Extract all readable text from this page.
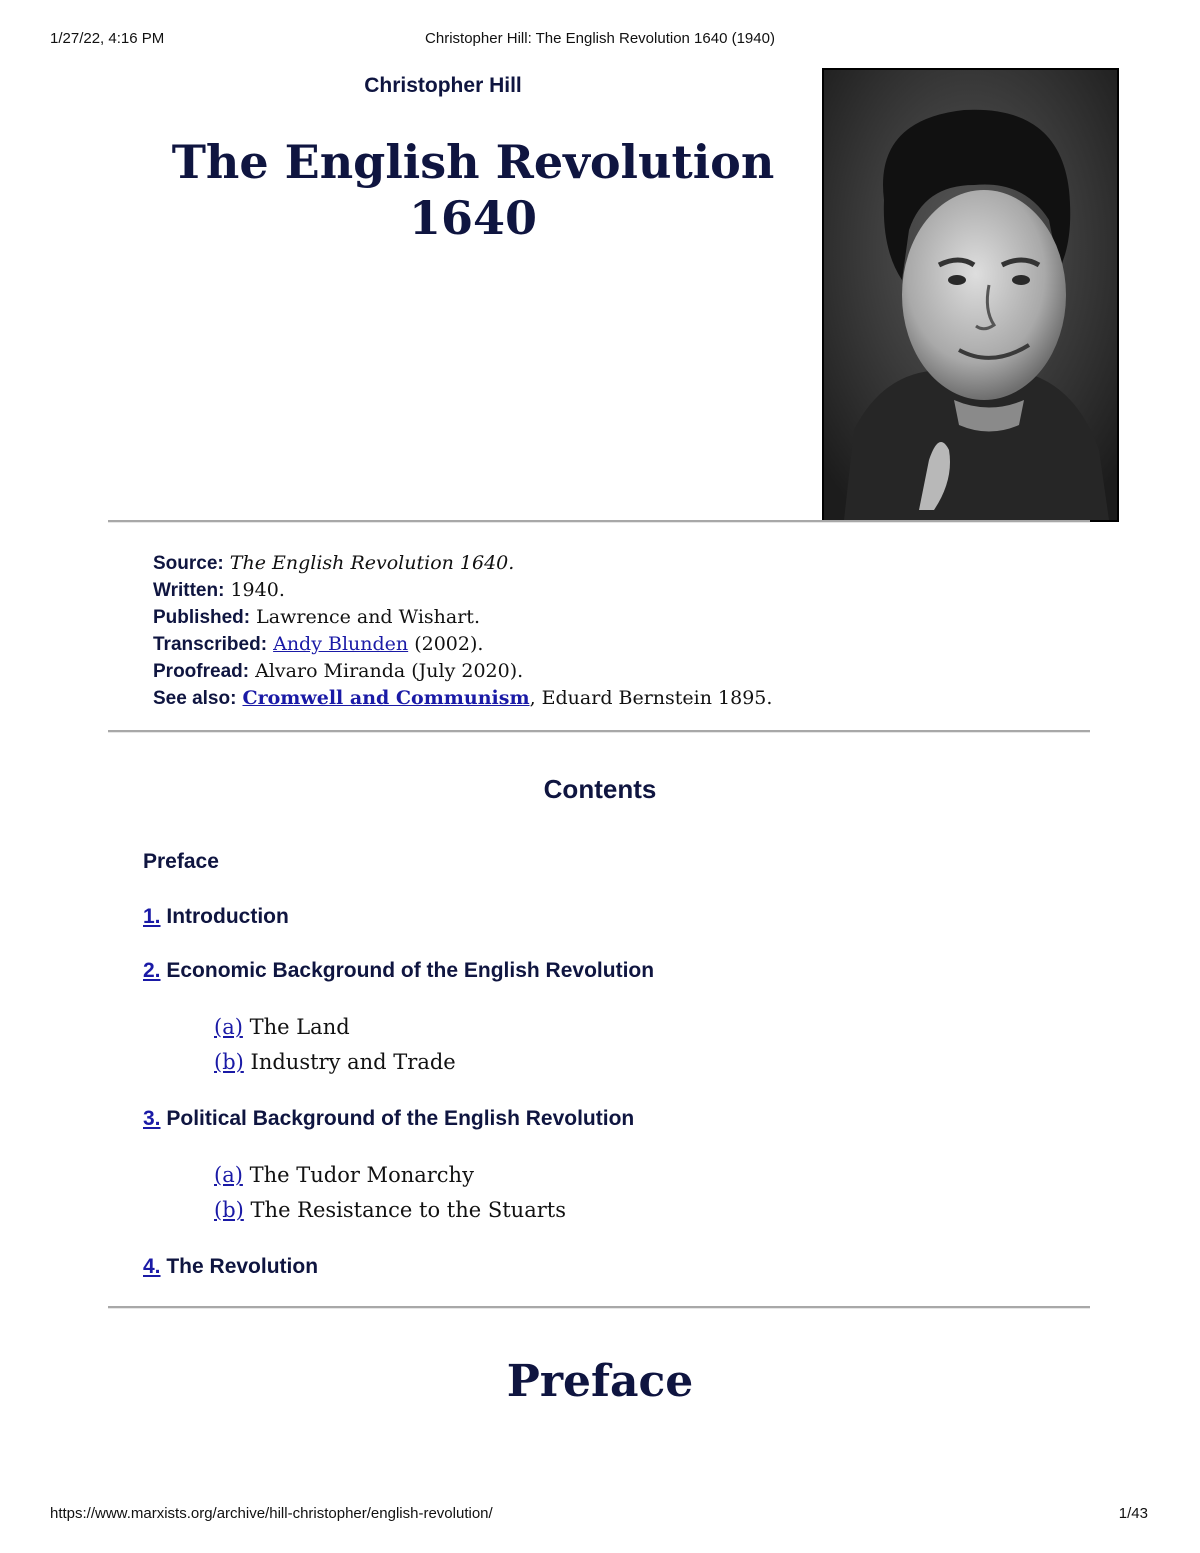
Christopher Hill: The English Revolution 1640 (1940)
1/27/22, 4:16 PM
Christopher Hill
The English Revolution
1640
Source: The English Revolution 1640.
Written: 1940.
Published: Lawrence and Wishart.
Transcribed: Andy Blunden (2002).
Proofread: Alvaro Miranda (July 2020).
See also: Cromwell and Communism, Eduard Bernstein 1895.
Contents
Preface
1. Introduction
2. Economic Background of the English Revolution
(a) The Land
(b) Industry and Trade
3. Political Background of the English Revolution
(a) The Tudor Monarchy
(b) The Resistance to the Stuarts
4. The Revolution
Preface
https://www.marxists.org/archive/hill-christopher/english-revolution/	1/43
